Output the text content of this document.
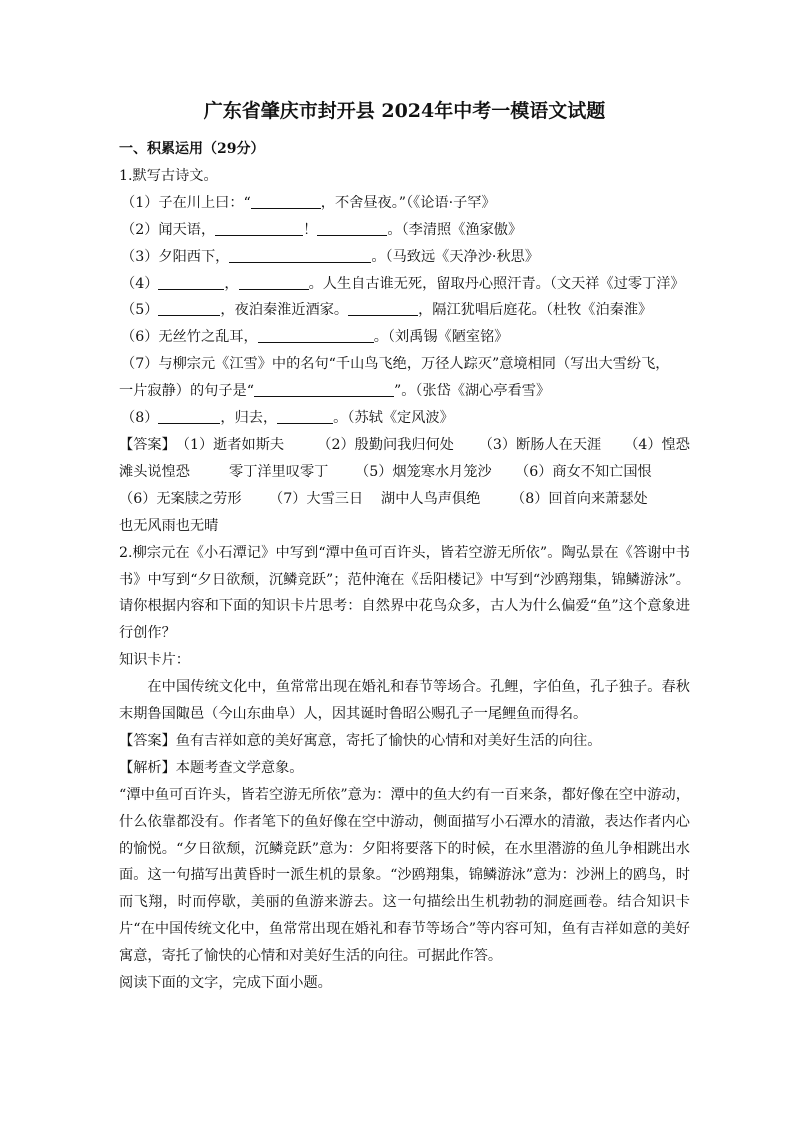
广东省肇庆市封开县 2024年中考一模语文试题

一、积累运用（29分）

1.默写古诗文。

（1）子在川上曰：“	，不舍昼夜。”（《论语·子罕》

（2）闻天语，	！	。（李清照《渔家傲》

（3）夕阳西下，	。（马致远《天净沙·秋思》

（4）	，	。人生自古谁无死，留取丹心照汗青。（文天祥《过零丁洋》

（5）	，夜泊秦淮近酒家。	，隔江犹唱后庭花。（杜牧《泊秦淮》

（6）无丝竹之乱耳，	。（刘禹锡《陋室铭》

（7）与柳宗元《江雪》中的名句“千山鸟飞绝，万径人踪灭”意境相同（写出大雪纷飞，

一片寂静）的句子是“	”。（张岱《湖心亭看雪》

（8）	，归去，	。（苏轼《定风波》

【答案】 （1）逝者如斯夫	（2）殷勤问我归何处	（3）断肠人在天涯	（4）惶恐
滩头说惶恐	零丁洋里叹零丁	（5）烟笼寒水月笼沙	（6）商女不知亡国恨
（6）无案牍之劳形	（7）大雪三日	湖中人鸟声俱绝	（8）回首向来萧瑟处

也无风雨也无晴

2.柳宗元在《小石潭记》中写到“潭中鱼可百许头，皆若空游无所依”。陶弘景在《答谢中书书》中写到“夕日欲颓，沉鳞竞跃”；范仲淹在《岳阳楼记》中写到“沙鸥翔集，锦鳞游泳”。请你根据内容和下面的知识卡片思考：自然界中花鸟众多，古人为什么偏爱“鱼”这个意象进行创作？

知识卡片：

在中国传统文化中，鱼常常出现在婚礼和春节等场合。孔鲤，字伯鱼，孔子独子。春秋末期鲁国陬邑（今山东曲阜）人，因其诞时鲁昭公赐孔子一尾鲤鱼而得名。

【答案】鱼有吉祥如意的美好寓意，寄托了愉快的心情和对美好生活的向往。

【解析】本题考查文学意象。

“潭中鱼可百许头，皆若空游无所依”意为：潭中的鱼大约有一百来条，都好像在空中游动，什么依靠都没有。作者笔下的鱼好像在空中游动，侧面描写小石潭水的清澈，表达作者内心的愉悦。“夕日欲颓，沉鳞竞跃”意为：夕阳将要落下的时候，在水里潜游的鱼儿争相跳出水面。这一句描写出黄昏时一派生机的景象。“沙鸥翔集，锦鳞游泳”意为：沙洲上的鸥鸟，时而飞翔，时而停歇，美丽的鱼游来游去。这一句描绘出生机勃勃的洞庭画卷。结合知识卡片“在中国传统文化中，鱼常常出现在婚礼和春节等场合”等内容可知，鱼有吉祥如意的美好寓意，寄托了愉快的心情和对美好生活的向往。可据此作答。

阅读下面的文字，完成下面小题。
